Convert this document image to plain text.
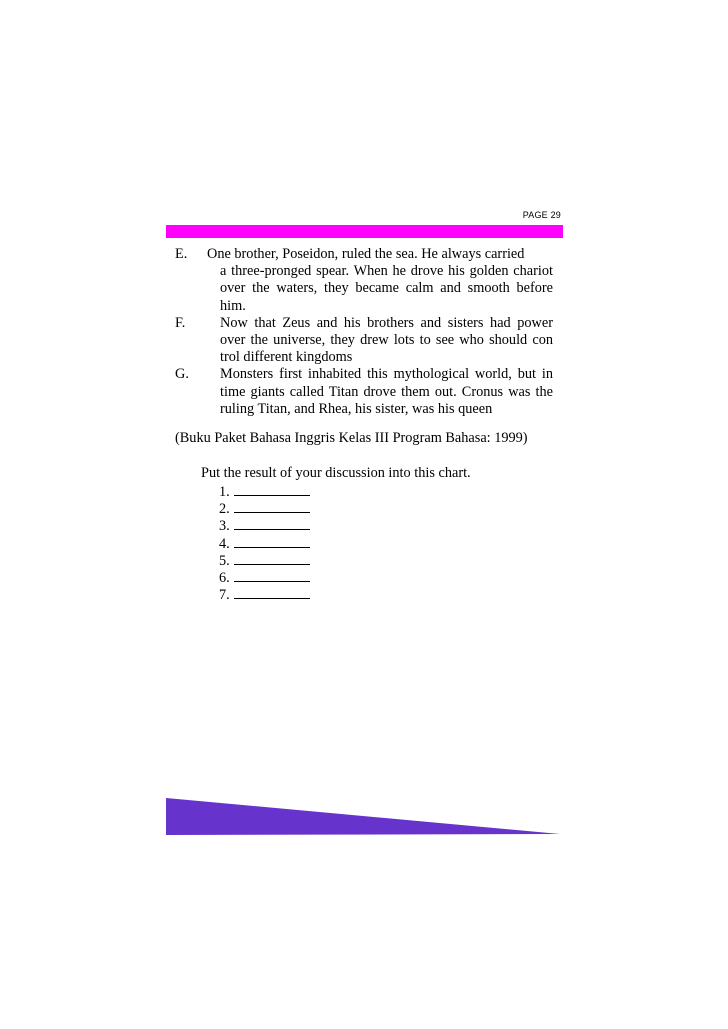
PAGE 29
E.	One brother, Poseidon, ruled the sea. He always carried
a three-pronged spear. When he drove his golden chariot over the waters, they became calm and smooth before him.
F.	Now that Zeus and his brothers and sisters had power over the universe, they drew lots to see who should con trol different kingdoms
G.	Monsters first inhabited this mythological world, but in time giants called Titan drove them out. Cronus was the ruling Titan, and Rhea, his sister, was his queen
(Buku Paket Bahasa Inggris Kelas III Program Bahasa: 1999)
Put the result of your discussion into this chart.
1.
2.
3.
4.
5.
6.
7.
